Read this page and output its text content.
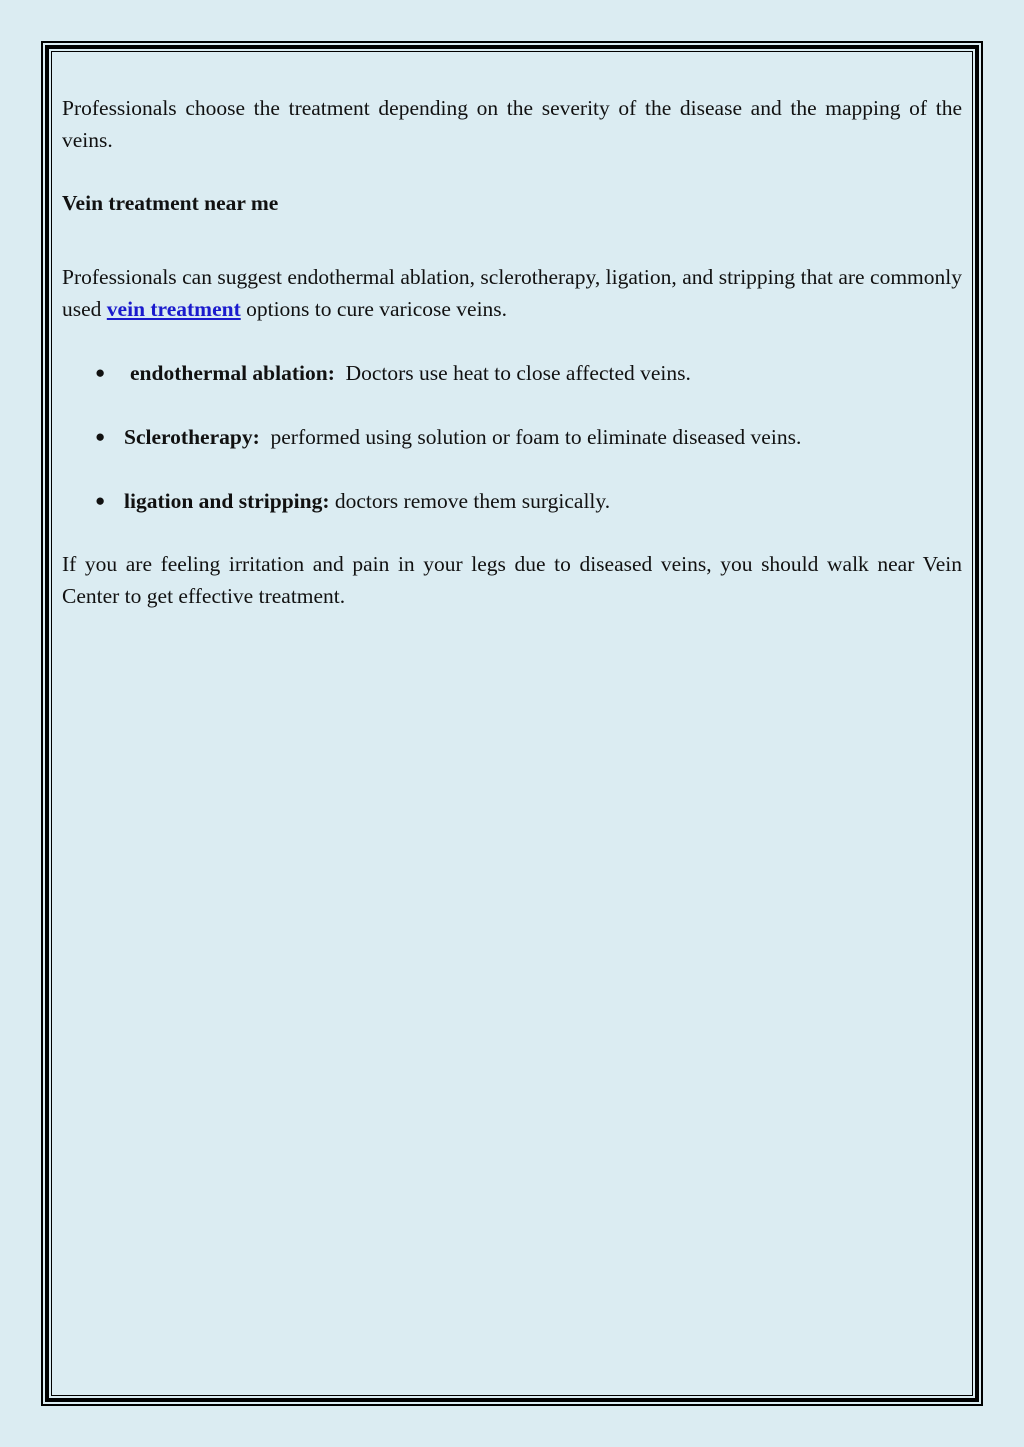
Professionals choose the treatment depending on the severity of the disease and the mapping of the veins.

Vein treatment near me

Professionals can suggest endothermal ablation, sclerotherapy, ligation, and stripping that are commonly used vein treatment options to cure varicose veins.

● endothermal ablation: Doctors use heat to close affected veins.
● Sclerotherapy: performed using solution or foam to eliminate diseased veins.
● ligation and stripping: doctors remove them surgically.

If you are feeling irritation and pain in your legs due to diseased veins, you should walk near Vein Center to get effective treatment.
